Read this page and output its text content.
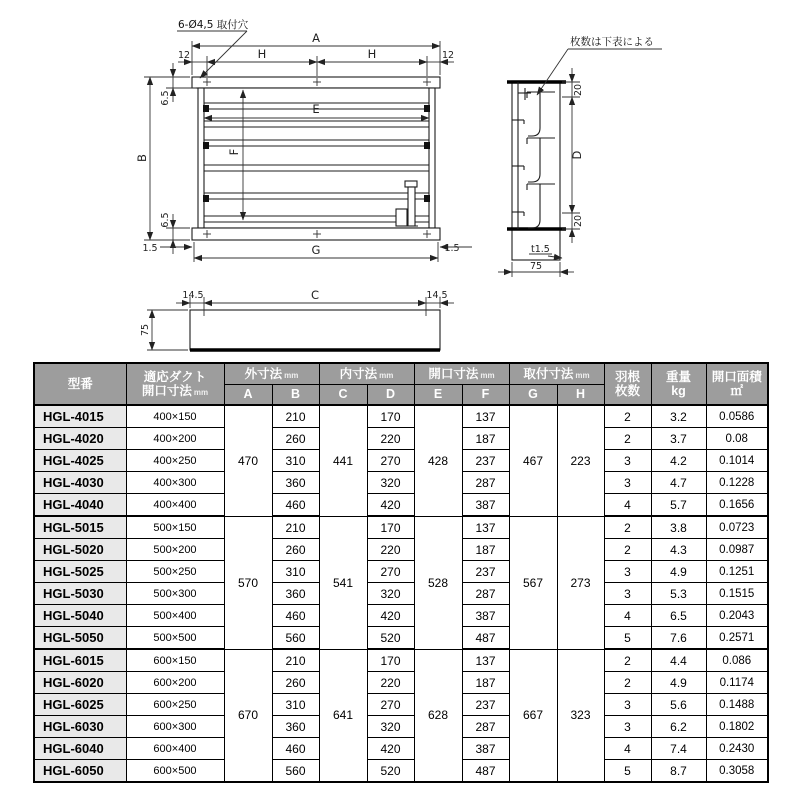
6-Ø4,5 取付穴
A
H	H
12	12
6.5
B
E
F
6.5
1.5	1.5
G
枚数は下表による
20
D
20
t1.5
75
14.5	C	14.5
75
型番	
適応ダクト
開口寸法 mm
	外寸法 mm	内寸法 mm	開口寸法 mm	取付寸法 mm	羽根
枚数

重量
kg

開口面積
㎡

		A	B	C	D	E	F	G	H			
HGL-4015	400×150	470	210	441	170	428	137	467	223	2	3.2	0.0586
HGL-4020	400×200		260		220		187			2	3.7	0.08
HGL-4025	400×250		310		270		237			3	4.2	0.1014
HGL-4030	400×300		360		320		287			3	4.7	0.1228
HGL-4040	400×400		460		420		387			4	5.7	0.1656
HGL-5015	500×150	570	210	541	170	528	137	567	273	2	3.8	0.0723
HGL-5020	500×200		260		220		187			2	4.3	0.0987
HGL-5025	500×250		310		270		237			3	4.9	0.1251
HGL-5030	500×300		360		320		287			3	5.3	0.1515
HGL-5040	500×400		460		420		387			4	6.5	0.2043
HGL-5050	500×500		560		520		487			5	7.6	0.2571
HGL-6015	600×150	670	210	641	170	628	137	667	323	2	4.4	0.086
HGL-6020	600×200		260		220		187			2	4.9	0.1174
HGL-6025	600×250		310		270		237			3	5.6	0.1488
HGL-6030	600×300		360		320		287			3	6.2	0.1802
HGL-6040	600×400		460		420		387			4	7.4	0.2430
HGL-6050	600×500		560		520		487			5	8.7	0.3058
